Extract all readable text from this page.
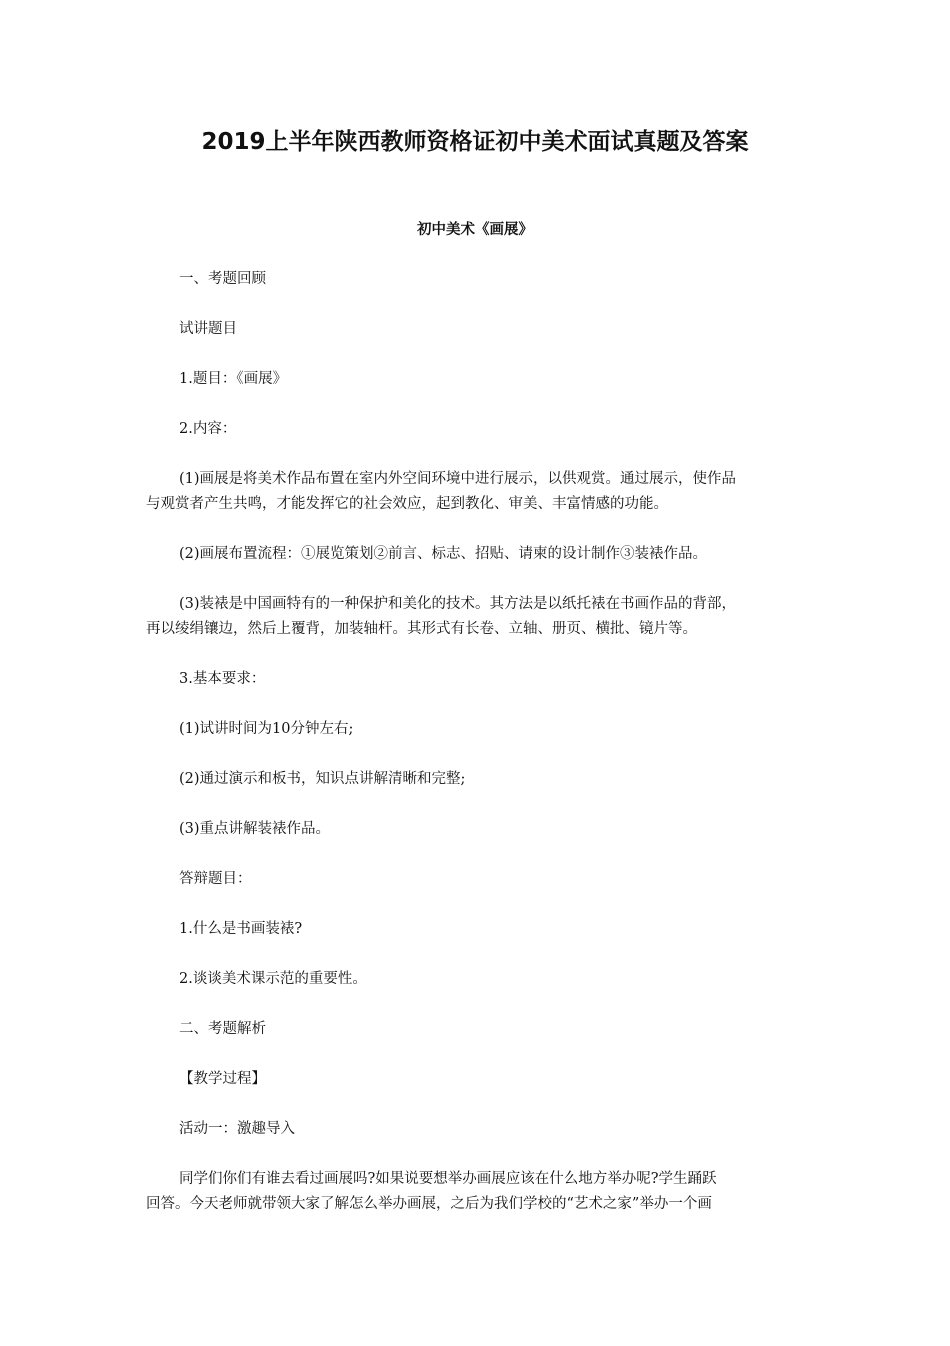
2019上半年陕西教师资格证初中美术面试真题及答案
初中美术《画展》

一、考题回顾

试讲题目

1.题目：《画展》

2.内容：

(1)画展是将美术作品布置在室内外空间环境中进行展示，以供观赏。通过展示，使作品
与观赏者产生共鸣，才能发挥它的社会效应，起到教化、审美、丰富情感的功能。

(2)画展布置流程：①展览策划②前言、标志、招贴、请柬的设计制作③装裱作品。

(3)装裱是中国画特有的一种保护和美化的技术。其方法是以纸托裱在书画作品的背部，
再以绫绢镶边，然后上覆背，加装轴杆。其形式有长卷、立轴、册页、横批、镜片等。

3.基本要求：

(1)试讲时间为10分钟左右;

(2)通过演示和板书，知识点讲解清晰和完整;

(3)重点讲解装裱作品。

答辩题目：

1.什么是书画装裱?

2.谈谈美术课示范的重要性。

二、考题解析

【教学过程】

活动一：激趣导入

同学们你们有谁去看过画展吗?如果说要想举办画展应该在什么地方举办呢?学生踊跃
回答。今天老师就带领大家了解怎么举办画展，之后为我们学校的“艺术之家”举办一个画
